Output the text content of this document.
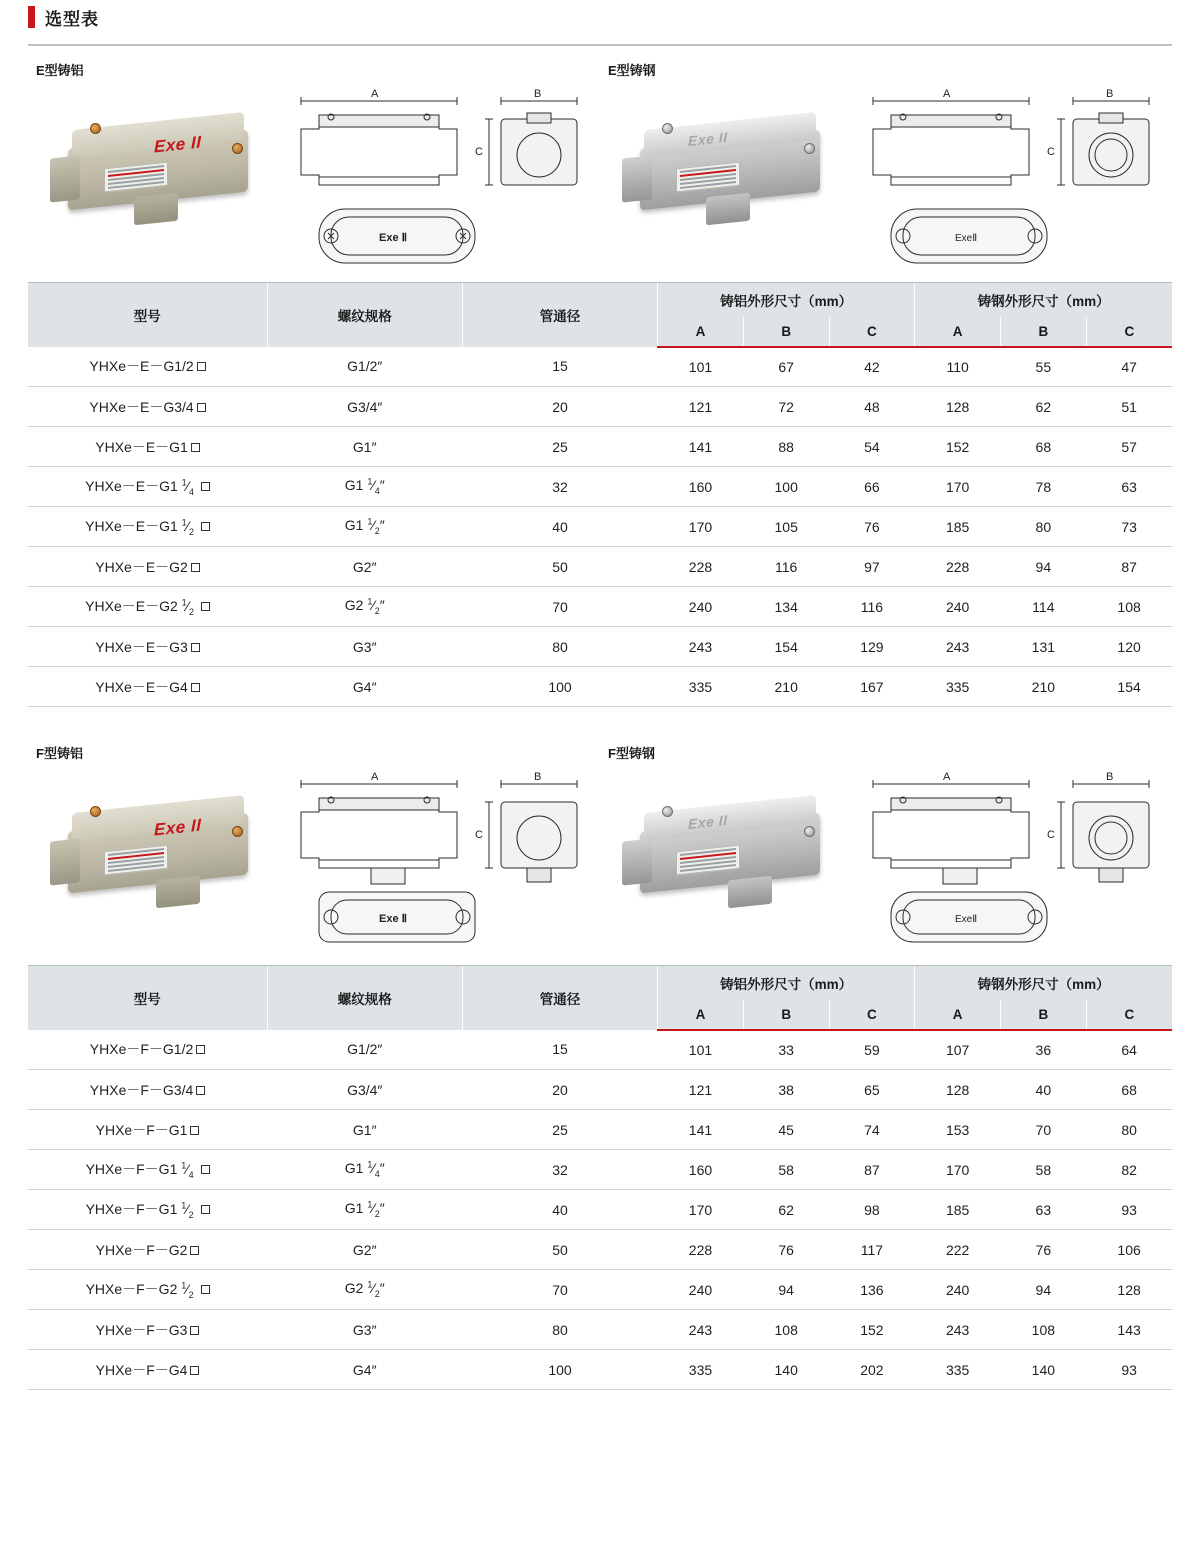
选型表
E型铸铝
Exe II
A	B
C
Exe Ⅱ
E型铸钢
Exe II
A	B
C
ExeⅡ
型号	螺纹规格	管通径	铸铝外形尺寸（mm）			铸钢外形尺寸（mm）		
			A	B	C	A	B	C
YHXe－E－G1/2	G1/2″	15	101	67	42	110	55	47
YHXe－E－G3/4	G3/4″	20	121	72	48	128	62	51
YHXe－E－G1	G1″	25	141	88	54	152	68	57
YHXe－E－G1 $^1⁄_4$	G1 $^1⁄_4''$	32	160	100	66	170	78	63
YHXe－E－G1 $^1⁄_2$	G1 $^1⁄_2''$	40	170	105	76	185	80	73
YHXe－E－G2	G2″	50	228	116	97	228	94	87
YHXe－E－G2 $^1⁄_2$	G2 $^1⁄_2''$	70	240	134	116	240	114	108
YHXe－E－G3	G3″	80	243	154	129	243	131	120
YHXe－E－G4	G4″	100	335	210	167	335	210	154
F型铸铝
Exe II
A	B
C
Exe Ⅱ
F型铸钢
Exe II
A	B
C
ExeⅡ
型号	螺纹规格	管通径	铸铝外形尺寸（mm）			铸钢外形尺寸（mm）		
			A	B	C	A	B	C
YHXe－F－G1/2	G1/2″	15	101	33	59	107	36	64
YHXe－F－G3/4	G3/4″	20	121	38	65	128	40	68
YHXe－F－G1	G1″	25	141	45	74	153	70	80
YHXe－F－G1 $^1⁄_4$	G1 $^1⁄_4''$	32	160	58	87	170	58	82
YHXe－F－G1 $^1⁄_2$	G1 $^1⁄_2''$	40	170	62	98	185	63	93
YHXe－F－G2	G2″	50	228	76	117	222	76	106
YHXe－F－G2 $^1⁄_2$	G2 $^1⁄_2''$	70	240	94	136	240	94	128
YHXe－F－G3	G3″	80	243	108	152	243	108	143
YHXe－F－G4	G4″	100	335	140	202	335	140	93
